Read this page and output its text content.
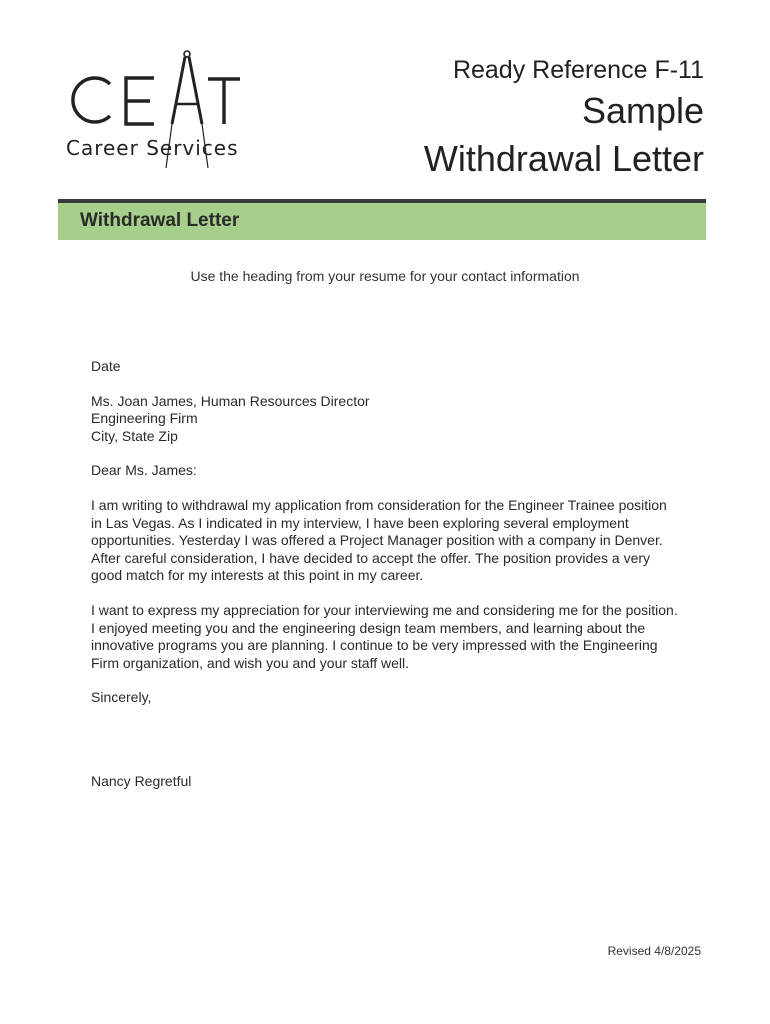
Career Services
Ready Reference F-11
Sample
Withdrawal Letter
Withdrawal Letter
Use the heading from your resume for your contact information

Date

Ms. Joan James, Human Resources Director

Engineering Firm

City, State Zip

Dear Ms. James:

I am writing to withdrawal my application from consideration for the Engineer Trainee position in Las Vegas. As I indicated in my interview, I have been exploring several employment opportunities. Yesterday I was offered a Project Manager position with a company in Denver. After careful consideration, I have decided to accept the offer. The position provides a very good match for my interests at this point in my career.

I want to express my appreciation for your interviewing me and considering me for the position. I enjoyed meeting you and the engineering design team members, and learning about the innovative programs you are planning. I continue to be very impressed with the Engineering Firm organization, and wish you and your staff well.

Sincerely,

Nancy Regretful

Revised 4/8/2025
